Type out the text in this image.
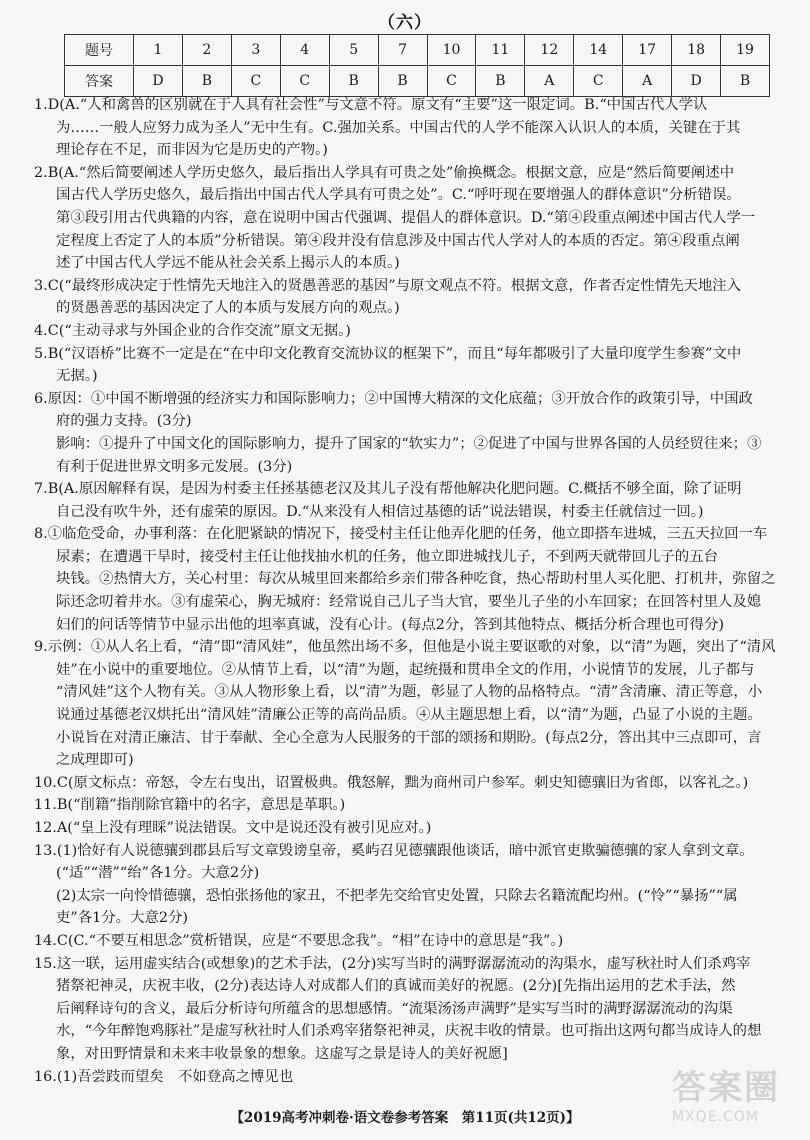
（六）
题号	1	2	3	4	5	7	10	11	12	14	17	18	19
答案	D	B	C	C	B	B	C	B	A	C	A	D	B

1.D(A.“人和禽兽的区别就在于人具有社会性”与文意不符。原文有“主要”这一限定词。B.“中国古代人学认

为……一般人应努力成为圣人”无中生有。C.强加关系。中国古代的人学不能深入认识人的本质，关键在于其

理论存在不足，而非因为它是历史的产物。)

2.B(A.“然后简要阐述人学历史悠久，最后指出人学具有可贵之处”偷换概念。根据文意，应是“然后简要阐述中

国古代人学历史悠久，最后指出中国古代人学具有可贵之处”。C.“呼吁现在要增强人的群体意识”分析错误。

第③段引用古代典籍的内容，意在说明中国古代强调、提倡人的群体意识。D.“第④段重点阐述中国古代人学一

定程度上否定了人的本质”分析错误。第④段并没有信息涉及中国古代人学对人的本质的否定。第④段重点阐

述了中国古代人学远不能从社会关系上揭示人的本质。)

3.C(“最终形成决定于性情先天地注入的贤愚善恶的基因”与原文观点不符。根据文意，作者否定性情先天地注入

的贤愚善恶的基因决定了人的本质与发展方向的观点。)

4.C(“主动寻求与外国企业的合作交流”原文无据。)

5.B(“汉语桥”比赛不一定是在“在中印文化教育交流协议的框架下”，而且“每年都吸引了大量印度学生参赛”文中

无据。)

6.原因：①中国不断增强的经济实力和国际影响力；②中国博大精深的文化底蕴；③开放合作的政策引导，中国政

府的强力支持。(3分)

影响：①提升了中国文化的国际影响力，提升了国家的“软实力”；②促进了中国与世界各国的人员经贸往来；③

有利于促进世界文明多元发展。(3分)

7.B(A.原因解释有误，是因为村委主任拯基德老汉及其儿子没有帮他解决化肥问题。C.概括不够全面，除了证明

自己没有吹牛外，还有虚荣的原因。D.“从来没有人相信过基德的话”说法错误，村委主任就信过一回。)

8.①临危受命，办事利落：在化肥紧缺的情况下，接受村主任让他弄化肥的任务，他立即搭车进城，三五天拉回一车

尿素；在遭遇干旱时，接受村主任让他找抽水机的任务，他立即进城找儿子，不到两天就带回儿子的五台

块钱。②热情大方，关心村里：每次从城里回来都给乡亲们带各种吃食，热心帮助村里人买化肥、打机井，弥留之

际还念叨着井水。③有虚荣心，胸无城府：经常说自己儿子当大官，要坐儿子坐的小车回家；在回答村里人及媳

妇们的问话等情节中显示出他的坦率真诚，没有心计。(每点2分，答到其他特点、概括分析合理也可得分)

9.示例：①从人名上看，“清”即“清风娃”，他虽然出场不多，但他是小说主要讴歌的对象，以“清”为题，突出了“清风

娃”在小说中的重要地位。②从情节上看，以“清”为题，起统摄和贯串全文的作用，小说情节的发展，儿子都与

“清风娃”这个人物有关。③从人物形象上看，以“清”为题，彰显了人物的品格特点。“清”含清廉、清正等意，小

说通过基德老汉烘托出“清风娃”清廉公正等的高尚品质。④从主题思想上看，以“清”为题，凸显了小说的主题。

小说旨在对清正廉洁、甘于奉献、全心全意为人民服务的干部的颂扬和期盼。(每点2分，答出其中三点即可，言

之成理即可)

10.C(原文标点：帝怒，令左右曳出，诏置极典。俄怒解，黜为商州司户参军。刺史知德骧旧为省郎，以客礼之。)

11.B(“削籍”指削除官籍中的名字，意思是革职。)

12.A(“皇上没有理睬”说法错误。文中是说还没有被引见应对。)

13.(1)恰好有人说德骧到郡县后写文章毁谤皇帝，奚屿召见德骧跟他谈话，暗中派官吏欺骗德骧的家人拿到文章。

(“适”“潜”“绐”各1分。大意2分)

(2)太宗一向怜惜德骧，恐怕张扬他的家丑，不把孝先交给官史处置，只除去名籍流配均州。(“怜”“暴扬”“属

吏”各1分。大意2分)

14.C(C.“不要互相思念”赏析错误，应是“不要思念我”。“相”在诗中的意思是“我”。)

15.这一联，运用虚实结合(或想象)的艺术手法，(2分)实写当时的满野潺潺流动的沟渠水，虚写秋社时人们杀鸡宰

猪祭祀神灵，庆祝丰收，(2分)表达诗人对成都人们的真诚而美好的祝愿。(2分)[先指出运用的艺术手法，然

后阐释诗句的含义，最后分析诗句所蕴含的思想感情。“流渠汤汤声满野”是实写当时的满野潺潺流动的沟渠

水，“今年醉饱鸡豚社”是虚写秋社时人们杀鸡宰猪祭祀神灵，庆祝丰收的情景。也可指出这两句都当成诗人的想

象，对田野情景和未来丰收景象的想象。这虚写之景是诗人的美好祝愿]

16.(1)吾尝跂而望矣　不如登高之博见也

【2019高考冲刺卷·语文卷参考答案　第11页(共12页)】
答案圈
MXQE.COM
